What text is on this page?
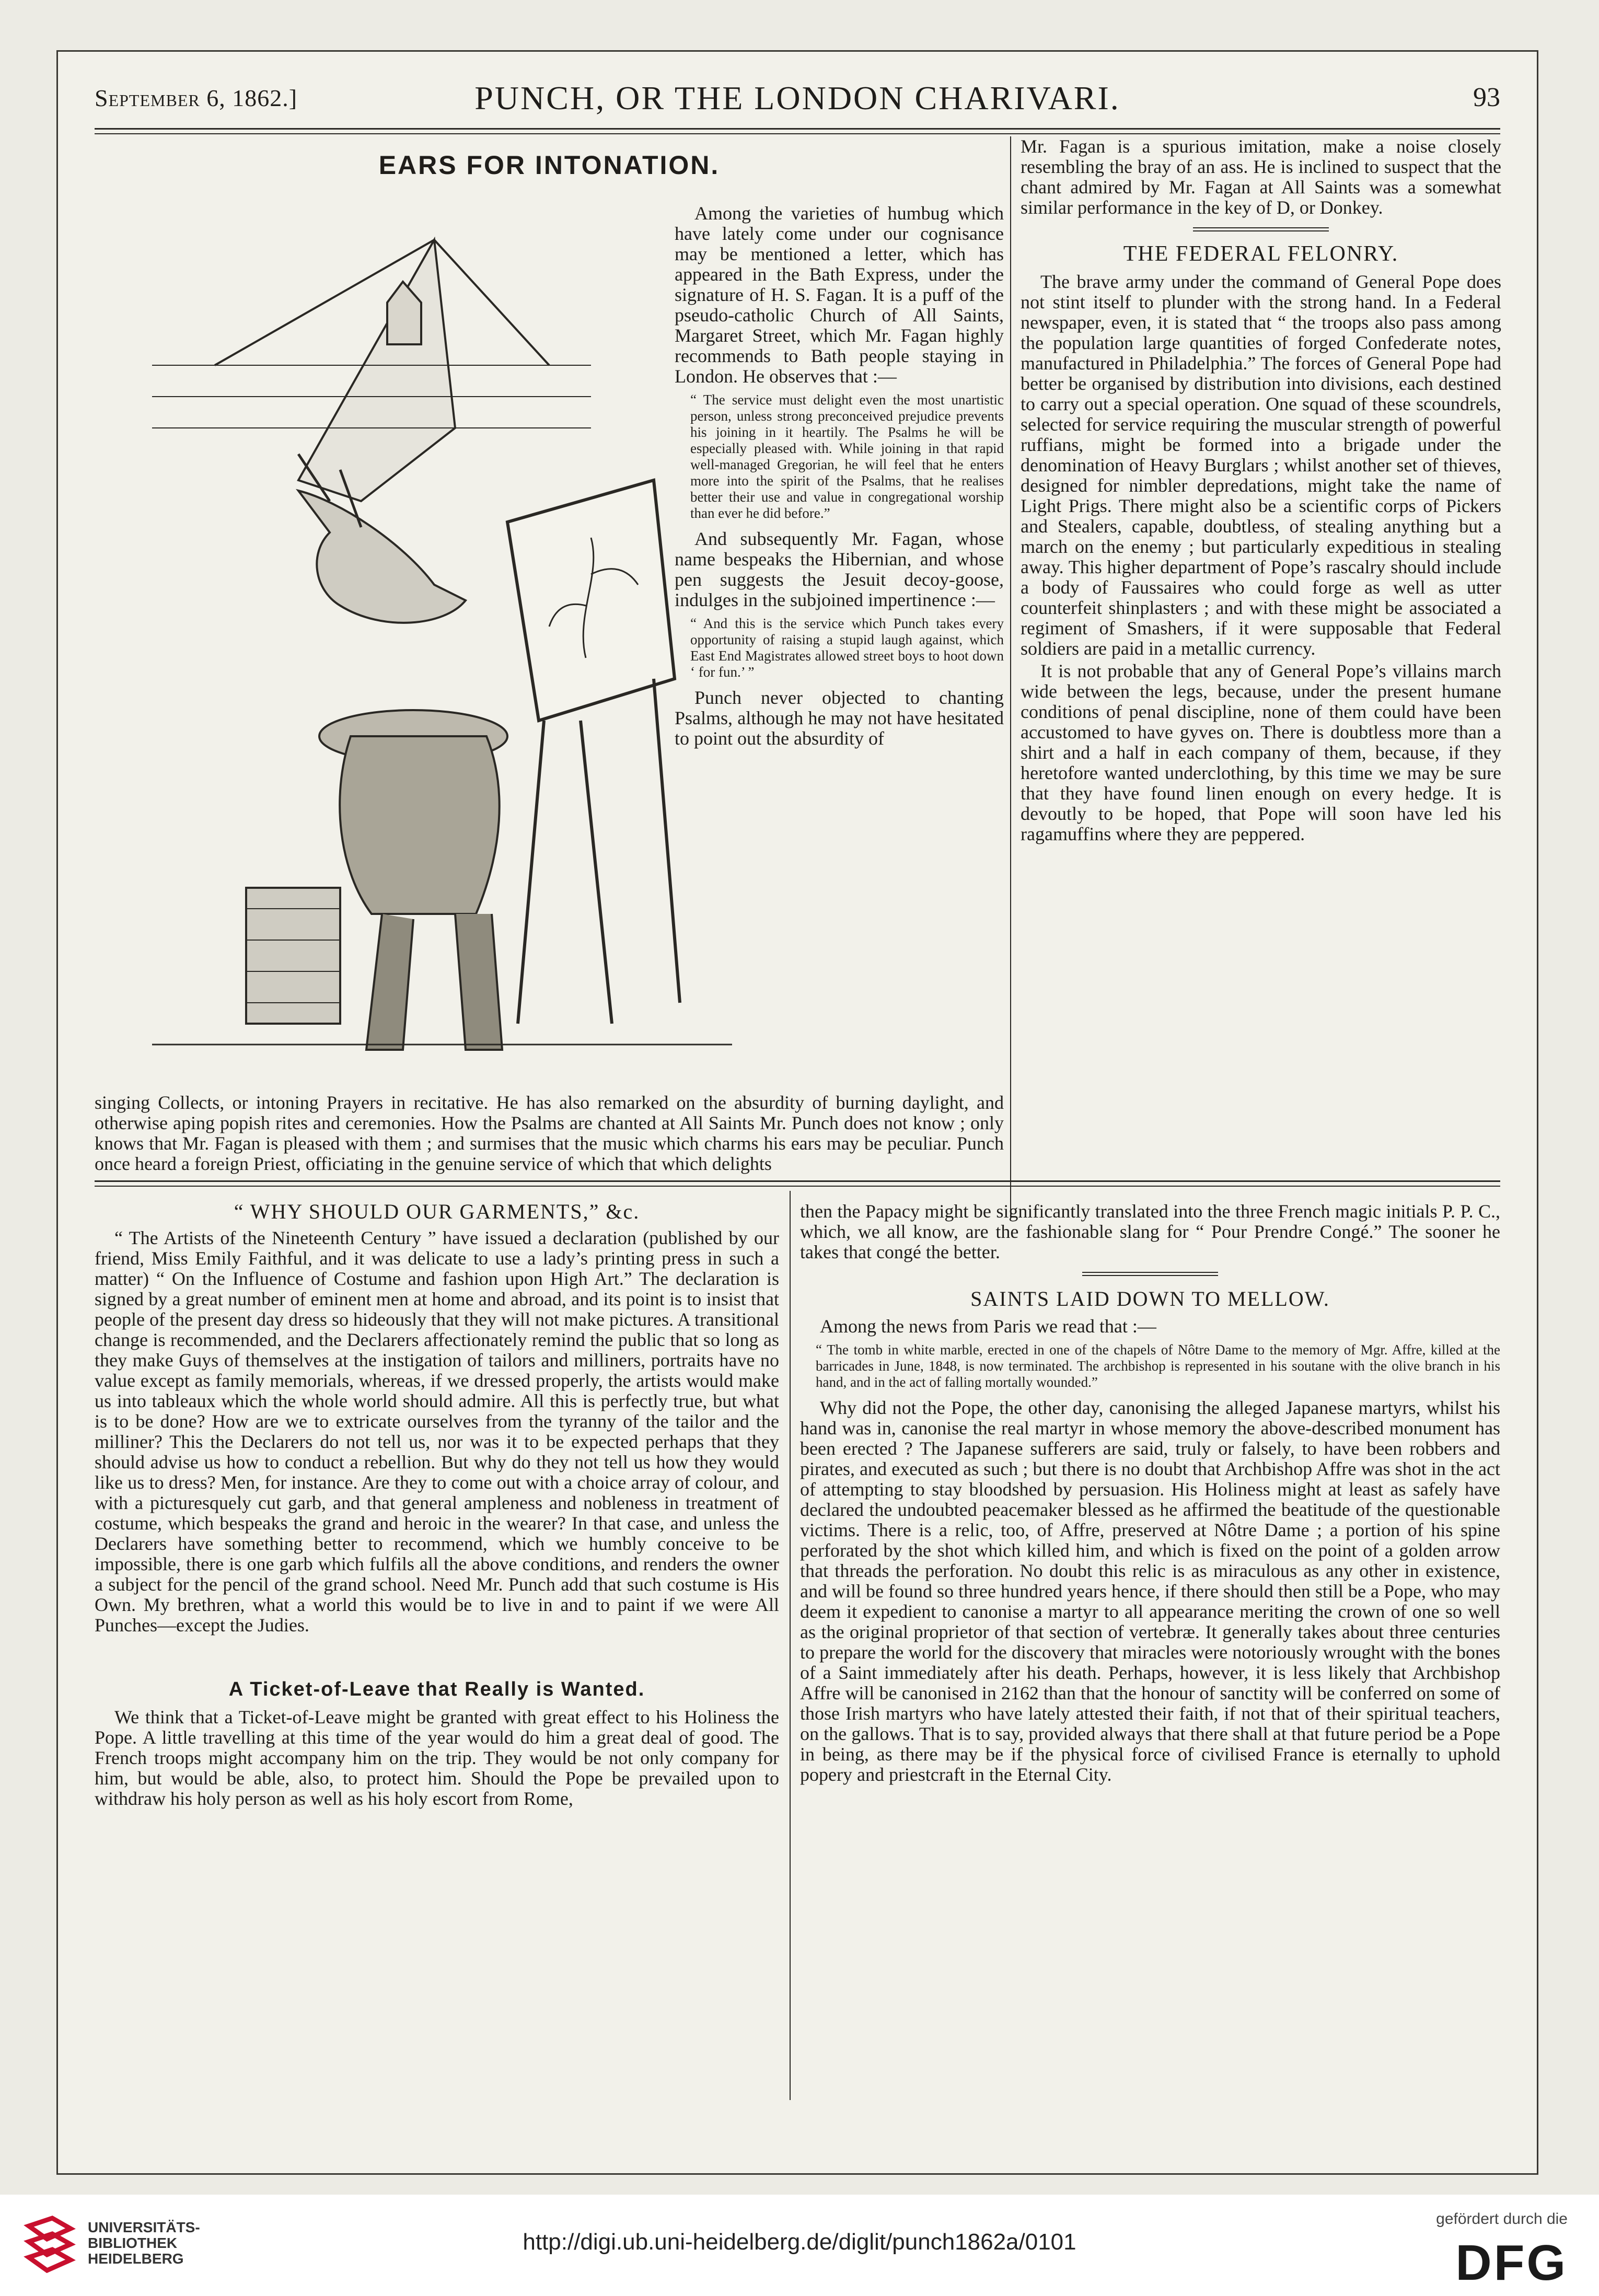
September 6, 1862.]	PUNCH, OR THE LONDON CHARIVARI.	93
EARS FOR INTONATION.

Among the varieties of humbug which have lately come under our cognisance may be mentioned a letter, which has appeared in the Bath Express, under the signature of H. S. Fagan. It is a puff of the pseudo-catholic Church of All Saints, Margaret Street, which Mr. Fagan highly recommends to Bath people staying in London. He observes that :—

“ The service must delight even the most unartistic person, unless strong preconceived prejudice prevents his joining in it heartily. The Psalms he will be especially pleased with. While joining in that rapid well-managed Gregorian, he will feel that he enters more into the spirit of the Psalms, that he realises better their use and value in congregational worship than ever he did before.”

And subsequently Mr. Fagan, whose name bespeaks the Hibernian, and whose pen suggests the Jesuit decoy-goose, indulges in the subjoined impertinence :—

“ And this is the service which Punch takes every opportunity of raising a stupid laugh against, which East End Magistrates allowed street boys to hoot down ‘ for fun.’ ”

Punch never objected to chanting Psalms, although he may not have hesitated to point out the absurdity of

singing Collects, or intoning Prayers in recitative. He has also remarked on the absurdity of burning daylight, and otherwise aping popish rites and ceremonies. How the Psalms are chanted at All Saints Mr. Punch does not know ; only knows that Mr. Fagan is pleased with them ; and surmises that the music which charms his ears may be peculiar. Punch once heard a foreign Priest, officiating in the genuine service of which that which delights

Mr. Fagan is a spurious imitation, make a noise closely resembling the bray of an ass. He is inclined to suspect that the chant admired by Mr. Fagan at All Saints was a somewhat similar performance in the key of D, or Donkey.

THE FEDERAL FELONRY.

The brave army under the command of General Pope does not stint itself to plunder with the strong hand. In a Federal newspaper, even, it is stated that “ the troops also pass among the population large quantities of forged Confederate notes, manufactured in Philadelphia.” The forces of General Pope had better be organised by distribution into divisions, each destined to carry out a special operation. One squad of these scoundrels, selected for service requiring the muscular strength of powerful ruffians, might be formed into a brigade under the denomination of Heavy Burglars ; whilst another set of thieves, designed for nimbler depredations, might take the name of Light Prigs. There might also be a scientific corps of Pickers and Stealers, capable, doubtless, of stealing anything but a march on the enemy ; but particularly expeditious in stealing away. This higher department of Pope’s rascalry should include a body of Faussaires who could forge as well as utter counterfeit shinplasters ; and with these might be associated a regiment of Smashers, if it were supposable that Federal soldiers are paid in a metallic currency.

It is not probable that any of General Pope’s villains march wide between the legs, because, under the present humane conditions of penal discipline, none of them could have been accustomed to have gyves on. There is doubtless more than a shirt and a half in each company of them, because, if they heretofore wanted underclothing, by this time we may be sure that they have found linen enough on every hedge. It is devoutly to be hoped, that Pope will soon have led his ragamuffins where they are peppered.

“ WHY SHOULD OUR GARMENTS,” &c.

“ The Artists of the Nineteenth Century ” have issued a declaration (published by our friend, Miss Emily Faithful, and it was delicate to use a lady’s printing press in such a matter) “ On the Influence of Costume and fashion upon High Art.” The declaration is signed by a great number of eminent men at home and abroad, and its point is to insist that people of the present day dress so hideously that they will not make pictures. A transitional change is recommended, and the Declarers affectionately remind the public that so long as they make Guys of themselves at the instigation of tailors and milliners, portraits have no value except as family memorials, whereas, if we dressed properly, the artists would make us into tableaux which the whole world should admire. All this is perfectly true, but what is to be done? How are we to extricate ourselves from the tyranny of the tailor and the milliner? This the Declarers do not tell us, nor was it to be expected perhaps that they should advise us how to conduct a rebellion. But why do they not tell us how they would like us to dress? Men, for instance. Are they to come out with a choice array of colour, and with a picturesquely cut garb, and that general ampleness and nobleness in treatment of costume, which bespeaks the grand and heroic in the wearer? In that case, and unless the Declarers have something better to recommend, which we humbly conceive to be impossible, there is one garb which fulfils all the above conditions, and renders the owner a subject for the pencil of the grand school. Need Mr. Punch add that such costume is His Own. My brethren, what a world this would be to live in and to paint if we were All Punches—except the Judies.

A Ticket-of-Leave that Really is Wanted.

We think that a Ticket-of-Leave might be granted with great effect to his Holiness the Pope. A little travelling at this time of the year would do him a great deal of good. The French troops might accompany him on the trip. They would be not only company for him, but would be able, also, to protect him. Should the Pope be prevailed upon to withdraw his holy person as well as his holy escort from Rome,

then the Papacy might be significantly translated into the three French magic initials P. P. C., which, we all know, are the fashionable slang for “ Pour Prendre Congé.” The sooner he takes that congé the better.

SAINTS LAID DOWN TO MELLOW.

Among the news from Paris we read that :—

“ The tomb in white marble, erected in one of the chapels of Nôtre Dame to the memory of Mgr. Affre, killed at the barricades in June, 1848, is now terminated. The archbishop is represented in his soutane with the olive branch in his hand, and in the act of falling mortally wounded.”

Why did not the Pope, the other day, canonising the alleged Japanese martyrs, whilst his hand was in, canonise the real martyr in whose memory the above-described monument has been erected ? The Japanese sufferers are said, truly or falsely, to have been robbers and pirates, and executed as such ; but there is no doubt that Archbishop Affre was shot in the act of attempting to stay bloodshed by persuasion. His Holiness might at least as safely have declared the undoubted peacemaker blessed as he affirmed the beatitude of the questionable victims. There is a relic, too, of Affre, preserved at Nôtre Dame ; a portion of his spine perforated by the shot which killed him, and which is fixed on the point of a golden arrow that threads the perforation. No doubt this relic is as miraculous as any other in existence, and will be found so three hundred years hence, if there should then still be a Pope, who may deem it expedient to canonise a martyr to all appearance meriting the crown of one so well as the original proprietor of that section of vertebræ. It generally takes about three centuries to prepare the world for the discovery that miracles were notoriously wrought with the bones of a Saint immediately after his death. Perhaps, however, it is less likely that Archbishop Affre will be canonised in 2162 than that the honour of sanctity will be conferred on some of those Irish martyrs who have lately attested their faith, if not that of their spiritual teachers, on the gallows. That is to say, provided always that there shall at that future period be a Pope in being, as there may be if the physical force of civilised France is eternally to uphold popery and priestcraft in the Eternal City.

UNIVERSITÄTS-
BIBLIOTHEK
HEIDELBERG
http://digi.ub.uni-heidelberg.de/diglit/punch1862a/0101
gefördert durch die
DFG
